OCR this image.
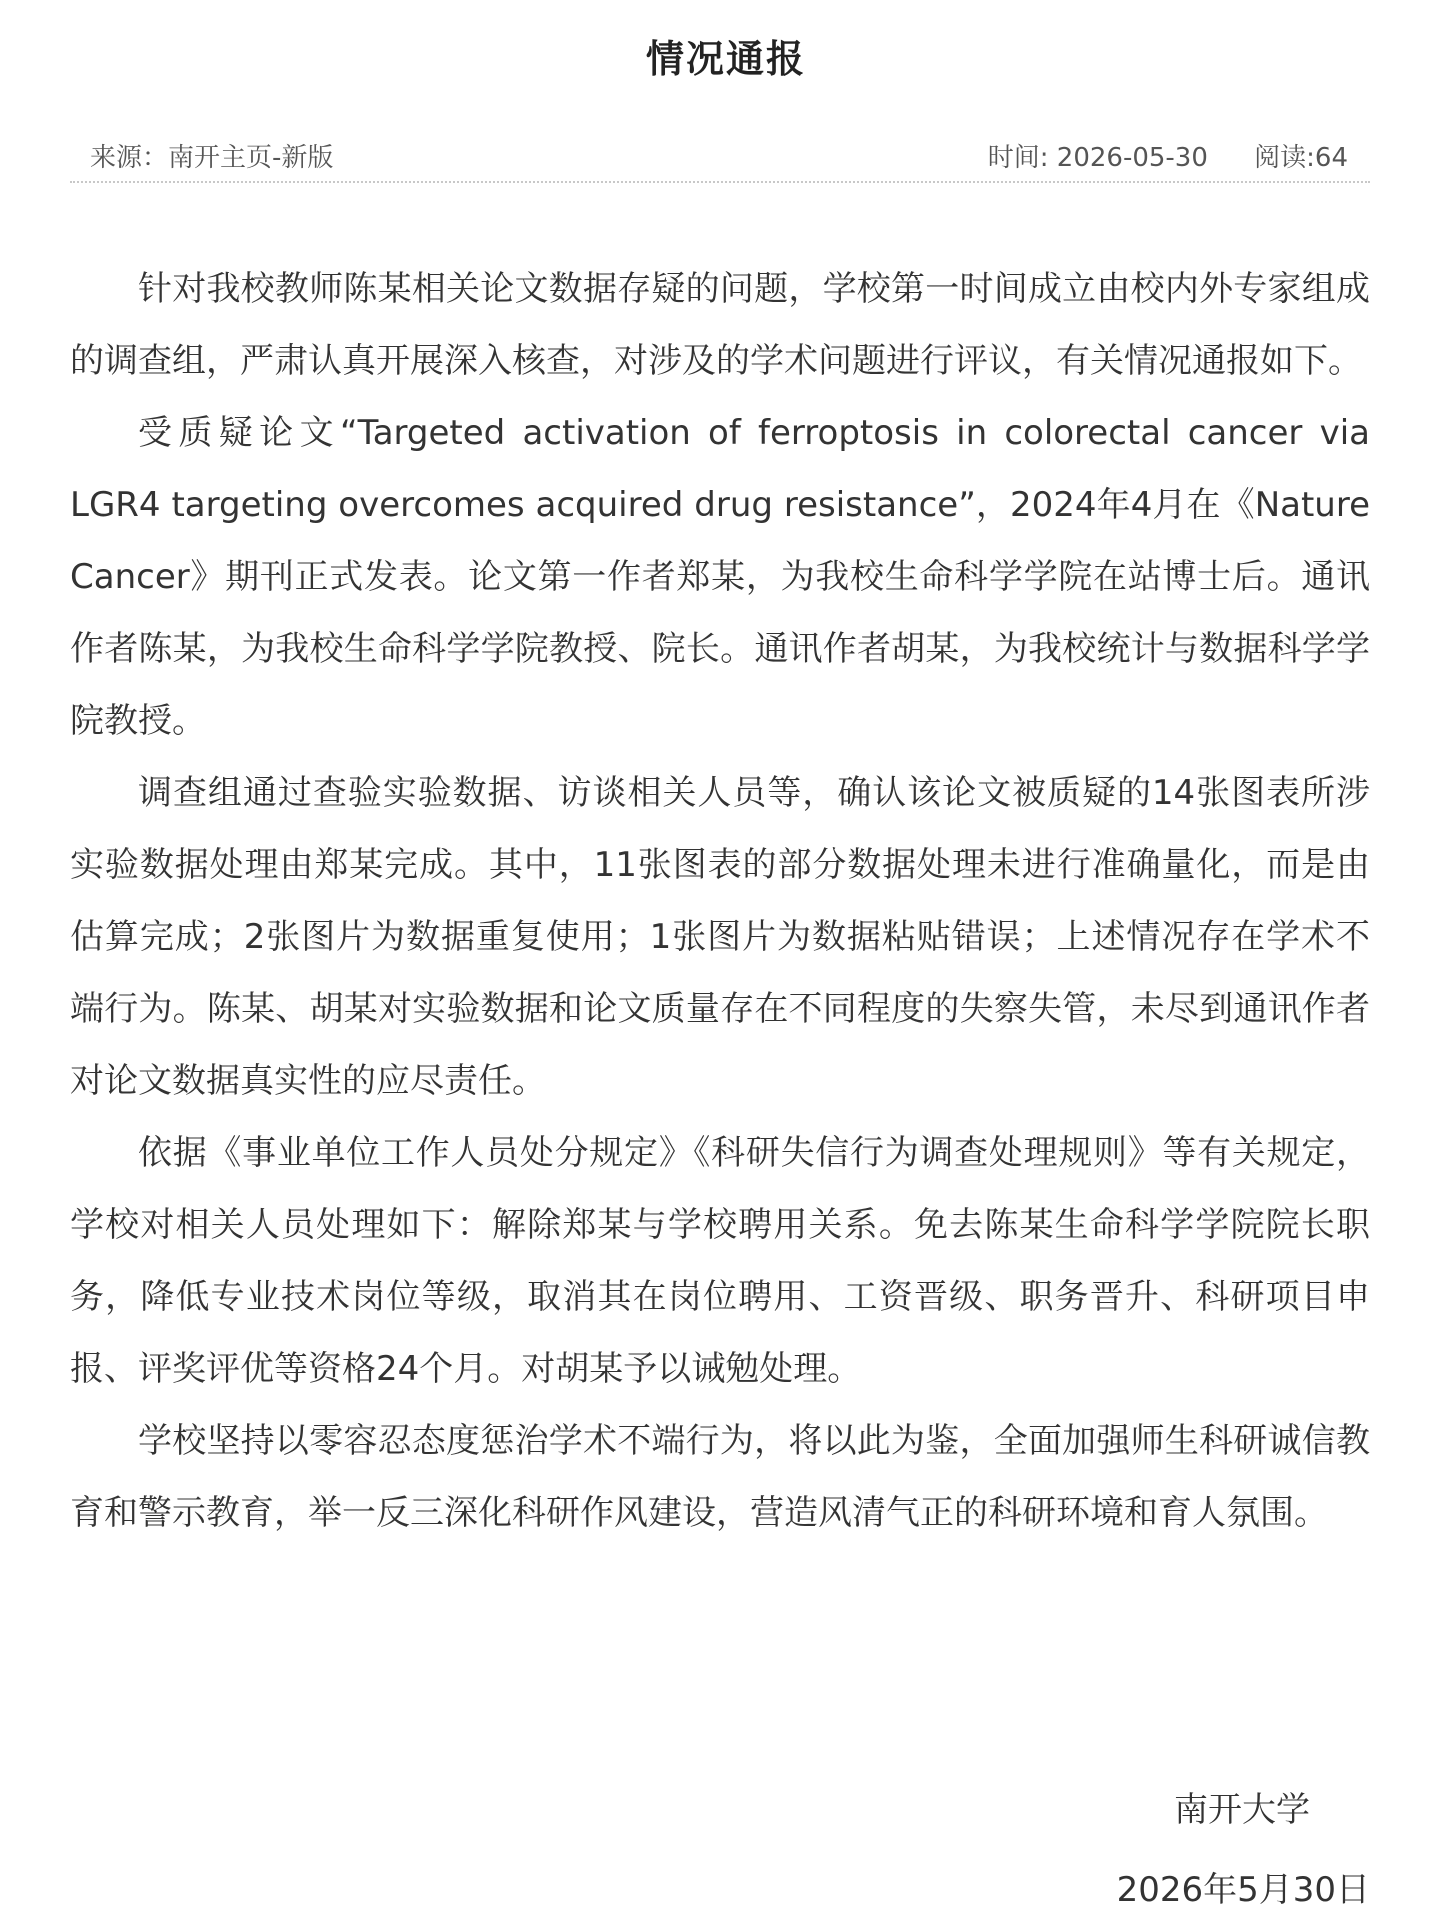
情况通报
来源：南开主页-新版	时间: 2026-05-30 阅读:64

针对我校教师陈某相关论文数据存疑的问题，学校第一时间成立由校内外专家组成的调查组，严肃认真开展深入核查，对涉及的学术问题进行评议，有关情况通报如下。

受质疑论文“Targeted activation of ferroptosis in colorectal cancer via LGR4 targeting overcomes acquired drug resistance”，2024年4月在《Nature Cancer》期刊正式发表。论文第一作者郑某，为我校生命科学学院在站博士后。通讯作者陈某，为我校生命科学学院教授、院长。通讯作者胡某，为我校统计与数据科学学院教授。

调查组通过查验实验数据、访谈相关人员等，确认该论文被质疑的14张图表所涉实验数据处理由郑某完成。其中，11张图表的部分数据处理未进行准确量化，而是由估算完成；2张图片为数据重复使用；1张图片为数据粘贴错误；上述情况存在学术不端行为。陈某、胡某对实验数据和论文质量存在不同程度的失察失管，未尽到通讯作者对论文数据真实性的应尽责任。

依据《事业单位工作人员处分规定》《科研失信行为调查处理规则》等有关规定，学校对相关人员处理如下：解除郑某与学校聘用关系。免去陈某生命科学学院院长职务，降低专业技术岗位等级，取消其在岗位聘用、工资晋级、职务晋升、科研项目申报、评奖评优等资格24个月。对胡某予以诫勉处理。

学校坚持以零容忍态度惩治学术不端行为，将以此为鉴，全面加强师生科研诚信教育和警示教育，举一反三深化科研作风建设，营造风清气正的科研环境和育人氛围。

南开大学
2026年5月30日
